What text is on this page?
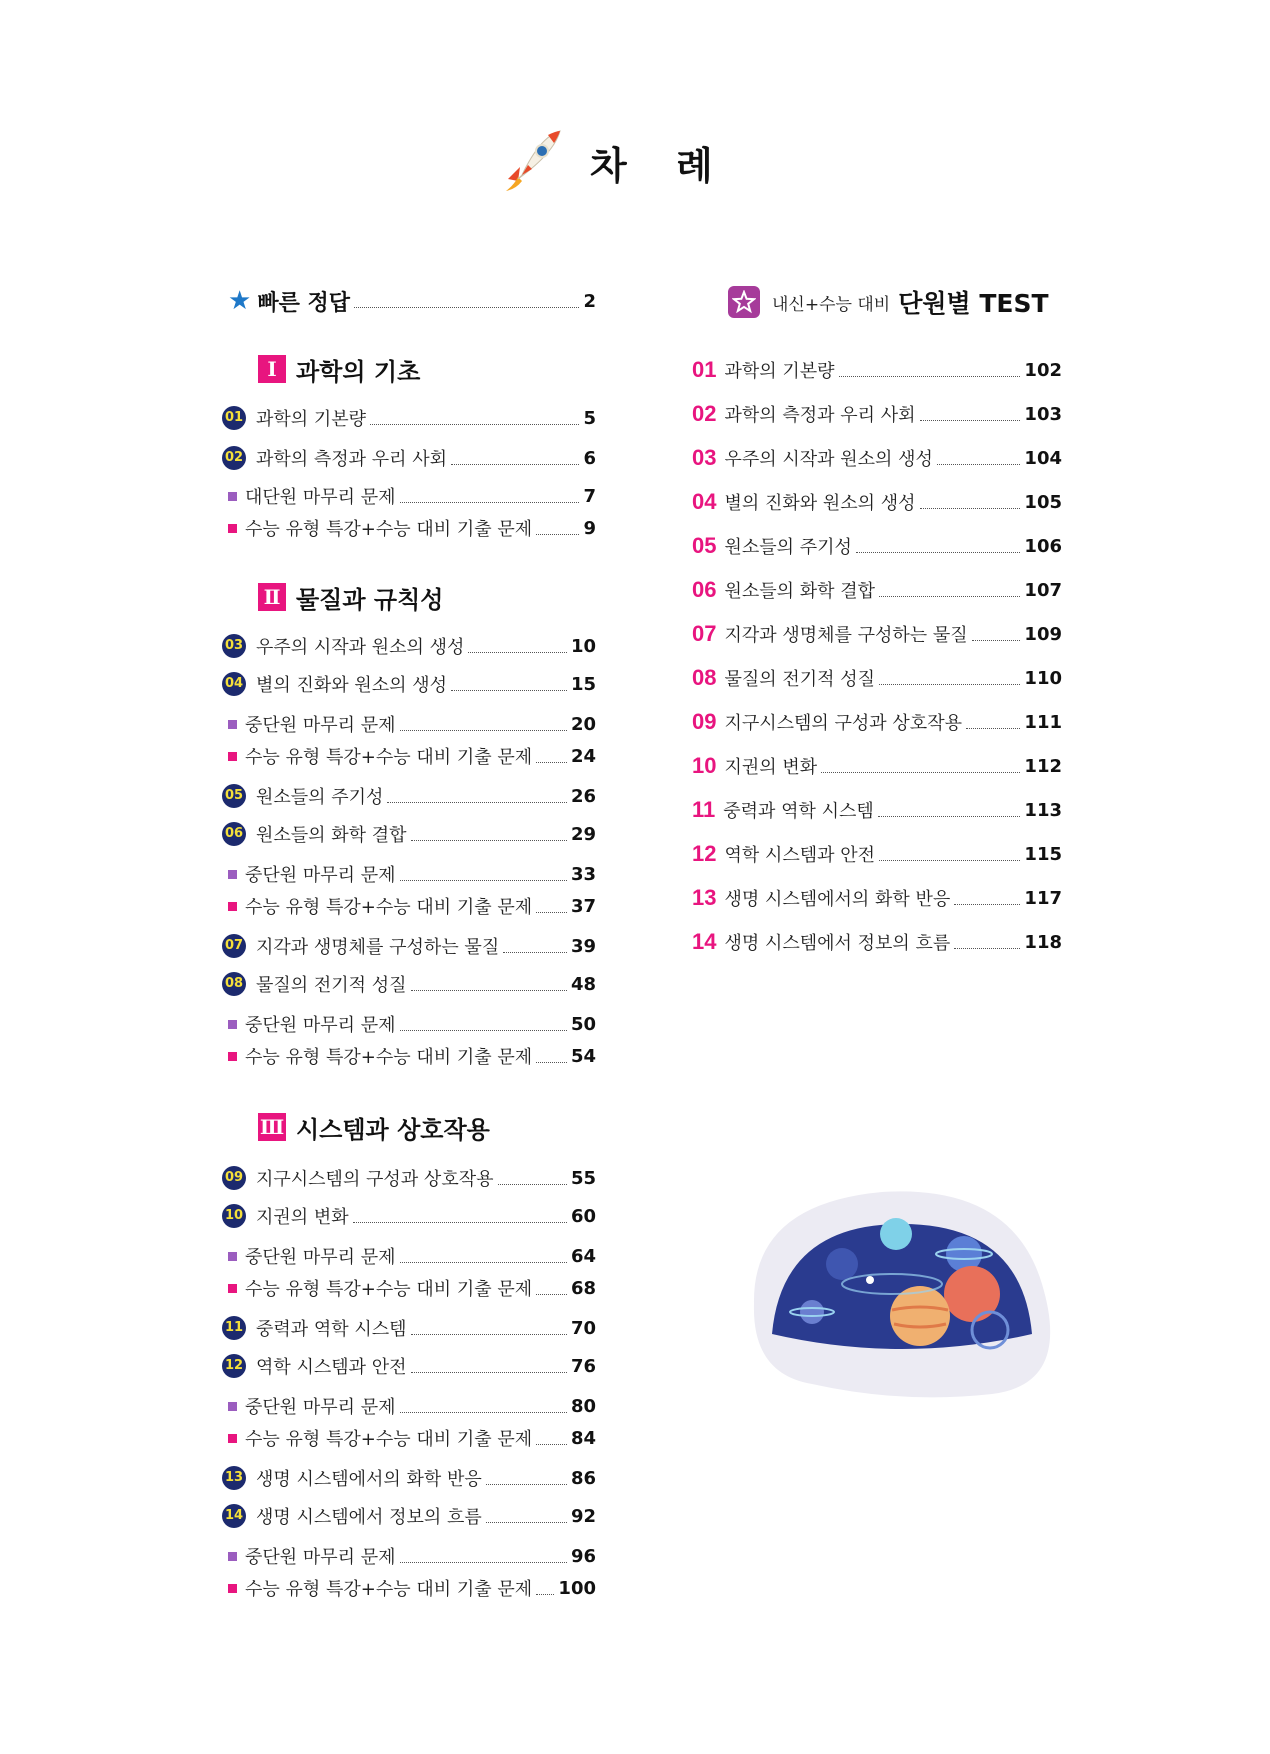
차 례
★ 빠른 정답	2
Ⅰ 과학의 기초
01 과학의 기본량	5
02 과학의 측정과 우리 사회	6
대단원 마무리 문제	7
수능 유형 특강+수능 대비 기출 문제	9
Ⅱ 물질과 규칙성
03 우주의 시작과 원소의 생성	10
04 별의 진화와 원소의 생성	15
중단원 마무리 문제	20
수능 유형 특강+수능 대비 기출 문제 24
05 원소들의 주기성	26
06 원소들의 화학 결합	29
중단원 마무리 문제	33
수능 유형 특강+수능 대비 기출 문제 37
07 지각과 생명체를 구성하는 물질	39
08 물질의 전기적 성질	48
중단원 마무리 문제	50
수능 유형 특강+수능 대비 기출 문제 54
Ⅲ 시스템과 상호작용
09 지구시스템의 구성과 상호작용	55
10 지권의 변화	60
중단원 마무리 문제	64
수능 유형 특강+수능 대비 기출 문제 68
11 중력과 역학 시스템	70
12 역학 시스템과 안전	76
중단원 마무리 문제	80
수능 유형 특강+수능 대비 기출 문제 84
13 생명 시스템에서의 화학 반응	86
14 생명 시스템에서 정보의 흐름	92
중단원 마무리 문제	96
수능 유형 특강+수능 대비 기출 문제 100
내신+수능 대비 단원별 TEST
01 과학의 기본량	102
02 과학의 측정과 우리 사회	103
03 우주의 시작과 원소의 생성	104
04 별의 진화와 원소의 생성	105
05 원소들의 주기성	106
06 원소들의 화학 결합	107
07 지각과 생명체를 구성하는 물질	109
08 물질의 전기적 성질	110
09 지구시스템의 구성과 상호작용	111
10 지권의 변화	112
11 중력과 역학 시스템	113
12 역학 시스템과 안전	115
13 생명 시스템에서의 화학 반응	117
14 생명 시스템에서 정보의 흐름	118
